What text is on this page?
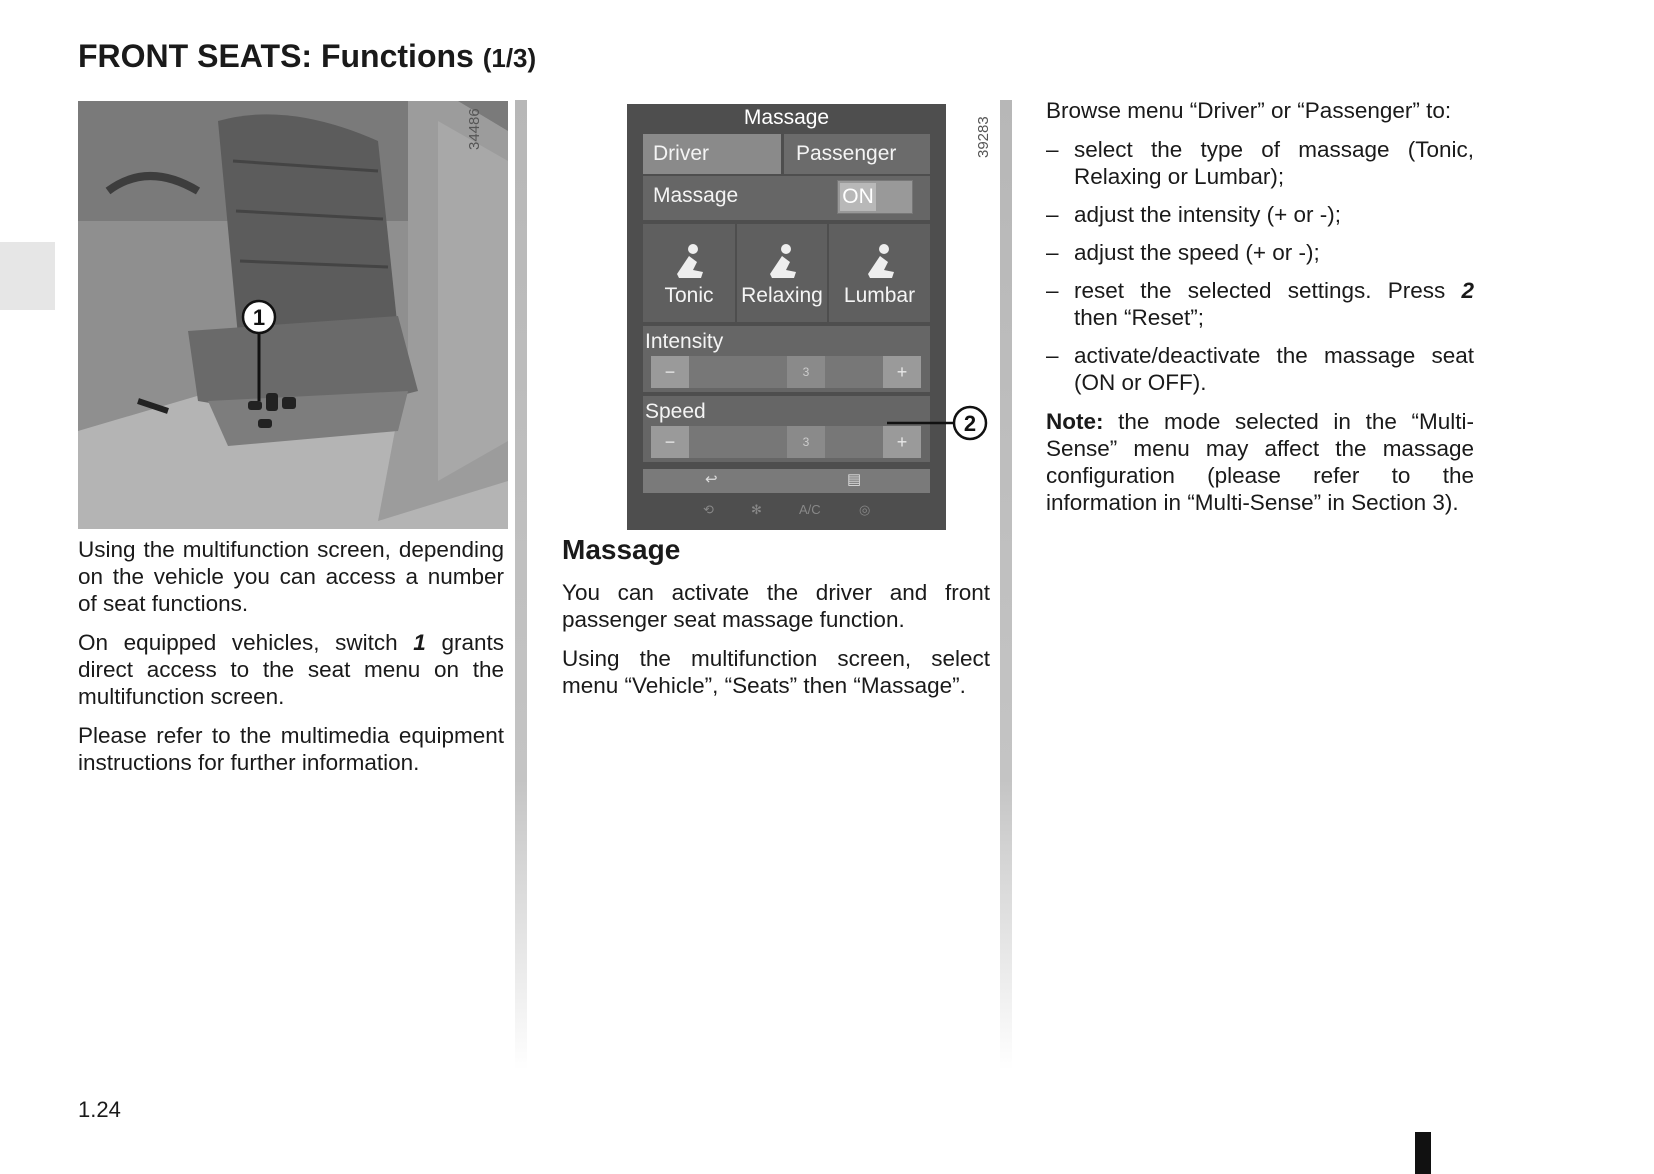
FRONT SEATS: Functions (1/3)
1
34486	Massage
Driver	Passenger
Massage	ON
Tonic	Relaxing	Lumbar
Intensity
−	3	+
Speed
−	3	+
↩	▤
⟲	✻	A/C	◎
39283
2

Using the multifunction screen, depending on the vehicle you can access a number of seat functions.

On equipped vehicles, switch 1 grants direct access to the seat menu on the multifunction screen.

Please refer to the multimedia equipment instructions for further information.

Massage

You can activate the driver and front passenger seat massage function.

Using the multifunction screen, select menu “Vehicle”, “Seats” then “Massage”.

Browse menu “Driver” or “Passenger” to:

– select the type of massage (Tonic, Relaxing or Lumbar);
– adjust the intensity (+ or -);
– adjust the speed (+ or -);
– reset the selected settings. Press 2 then “Reset”;
– activate/deactivate the massage seat (ON or OFF).

Note: the mode selected in the “Multi-Sense” menu may affect the massage configuration (please refer to the information in “Multi-Sense” in Section 3).

1.24
